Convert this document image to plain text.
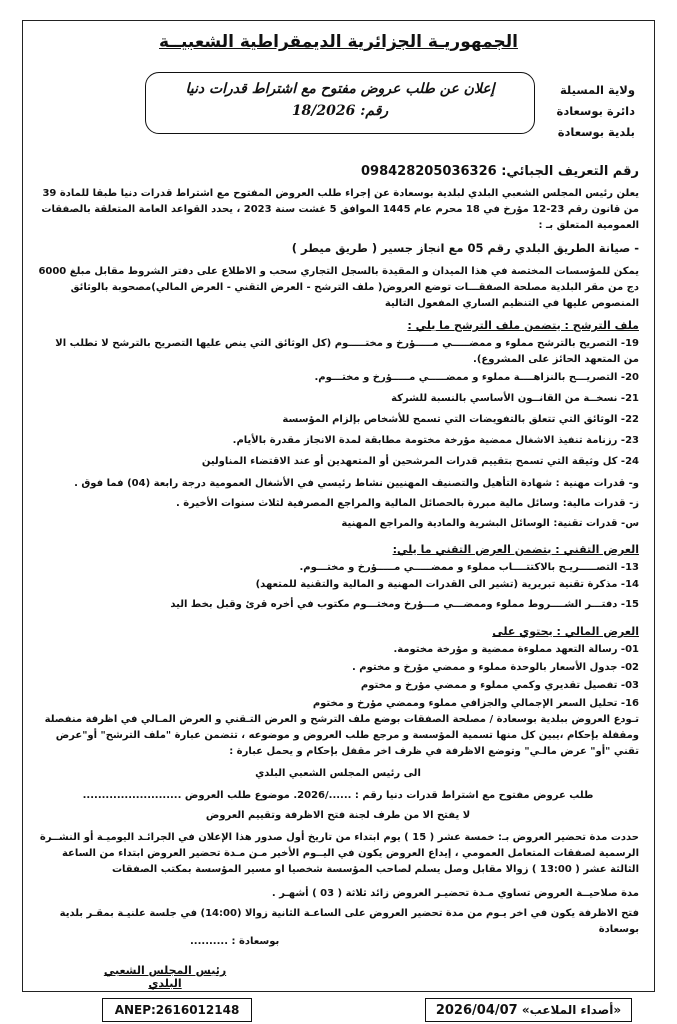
الجمهوريـة الجزائرية الديمقراطية الشعبيــة
ولاية المسيلة
دائرة بوسعادة
بلدية بوسعادة
إعلان عن طلب عروض مفتوح مع اشتراط قدرات دنيا
رقم: 18/2026
رقم التعريف الجبائي: 098428205036326
يعلن رئيس المجلس الشعبي البلدي لبلدية بوسعادة عن إجراء طلب العروض المفتوح مع اشتراط قدرات دنيا طبقا للمادة 39 من قانون رقم 23-12 مؤرخ في 18 محرم عام 1445 الموافق 5 غشت سنة 2023 ، يحدد القواعد العامة المتعلقة بالصفقات العمومية المتعلق بـ :
- صيانة الطريق البلدي رقم 05 مع انجاز جسير ( طريق ميطر )
يمكن للمؤسسات المختصة في هذا الميدان و المقيدة بالسجل التجاري سحب و الاطلاع على دفتر الشروط مقابل مبلغ 6000 دج من مقر البلدية مصلحة الصفقـــات توضع العروض( ملف الترشح - العرض التقني - العرض المالي)مصحوبة بالوثائق المنصوص عليها في التنظيم الساري المفعول التالية
ملف الترشح : يتضمن ملف الترشح ما يلي :
19- التصريح بالترشح مملوء و ممضـــــي مـــــؤرخ و مختـــــوم (كل الوثائق التي ينص عليها التصريح بالترشح لا تطلب الا من المتعهد الحائز على المشروع).
20- التصريـــح بالنزاهــــة مملوء و ممضـــــي مـــــؤرخ و مختـــوم.
21- نسخــة من القانــون الأساسي بالنسبة للشركة
22- الوثائق التي تتعلق بالتفويضات التي تسمح للأشخاص بإلزام المؤسسة
23- رزنامة تنفيذ الاشغال ممضية مؤرخة مختومة مطابقة لمدة الانجاز مقدرة بالأيام.
24- كل وثيقة التي تسمح بتقييم قدرات المرشحين أو المتعهدين أو عند الاقتضاء المناولين
و- قدرات مهنية : شهادة التأهيل والتصنيف المهنيين نشاط رئيسي في الأشغال العمومية درجة رابعة (04) فما فوق .
ز- قدرات مالية: وسائل مالية مبررة بالحصائل المالية والمراجع المصرفية لثلاث سنوات الأخيرة .
س- قدرات تقنية: الوسائل البشرية والمادية والمراجع المهنية
العرض التقني : يتضمن العرض التقني ما يلي:
13- التصـــــريـح بالاكتتــــاب مملوء و ممضـــــي مـــــؤرخ و مختـــوم.
14- مذكرة تقنية تبريرية (تشير الى القدرات المهنية و المالية والتقنية للمتعهد)
15- دفتـــر الشــــروط مملوء وممضـــي مـــؤرخ ومختـــوم مكتوب في أخره قرئ وقبل بخط اليد
العرض المالي : يحتوي على
01- رسالة التعهد مملوءة ممضية و مؤرخة مختومة.
02- جدول الأسعار بالوحدة مملوء و ممضي مؤرخ و مختوم .
03- تفصيل تقديري وكمي مملوء و ممضي مؤرخ و مختوم
16- تحليل السعر الإجمالي والجزافي مملوء وممضي مؤرخ و مختوم
تـودع العروض ببلدية بوسعادة / مصلحة الصفقات بوضع ملف الترشح و العرض التـقني و العرض المـالي في اظرفة منفصلة ومقفلة بإحكام ،يبين كل منها تسمية المؤسسة و مرجع طلب العروض و موضوعه ، تتضمن عبارة "ملف الترشح" أو"عرض تقني "أو" عرض مالـي" وتوضع الاظرفة في ظرف اخر مقفل بإحكام و يحمل عبارة :
الى رئيس المجلس الشعبي البلدي
طلب عروض مفتوح مع اشتراط قدرات دنيا رقم : ....../2026. موضوع طلب العروض ..........................
لا يفتح الا من طرف لجنة فتح الاظرفة وتقييم العروض
حددت مدة تحضير العروض بـ: خمسة عشر ( 15 ) يوم ابتداء من تاريخ أول صدور هذا الإعلان في الجرائـد اليوميـة أو النشــرة الرسمية لصفقات المتعامل العمومي ، إيداع العروض يكون في اليــوم الأخير مـن مـدة تحضير العروض ابتداء من الساعة الثالثة عشر ( 13:00 ) زوالا مقابل وصل يسلم لصاحب المؤسسة شخصيا او مسير المؤسسة بمكتب الصفقات
مدة صلاحيــة العروض تساوي مـدة تحضيـر العروض زائد ثلاثة ( 03 ) أشهـر .
فتح الاظرفة يكون في اخر يـوم من مدة تحضير العروض على الساعـة الثانية زوالا (14:00) في جلسة علنيـة بمقـر بلدية بوسعادة
بوسعادة : ..........
رئيس المجلس الشعبي البلدي
«أصداء الملاعب» 2026/04/07
ANEP:2616012148
